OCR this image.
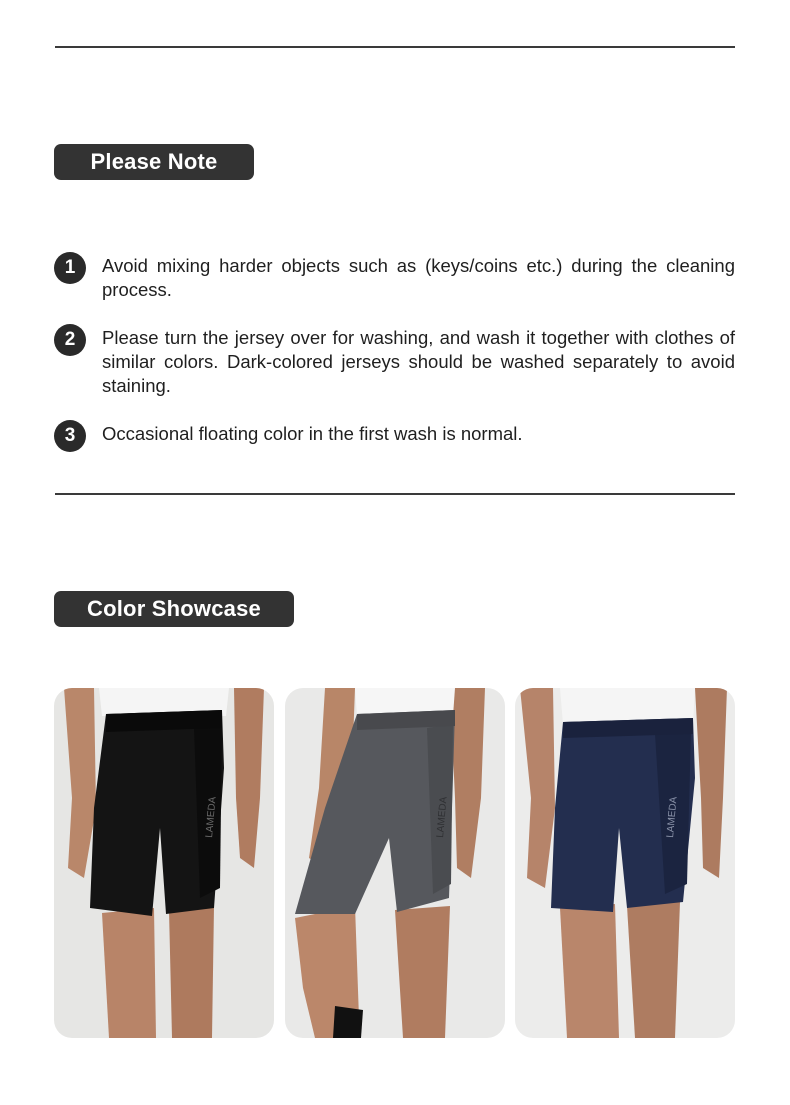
Please Note
1	Avoid mixing harder objects such as (keys/coins etc.) during the cleaning process.
2	Please turn the jersey over for washing, and wash it together with clothes of similar colors. Dark-colored jerseys should be washed separately to avoid staining.
3	Occasional floating color in the first wash is normal.
Color Showcase
LAMEDA	LAMEDA	LAMEDA
